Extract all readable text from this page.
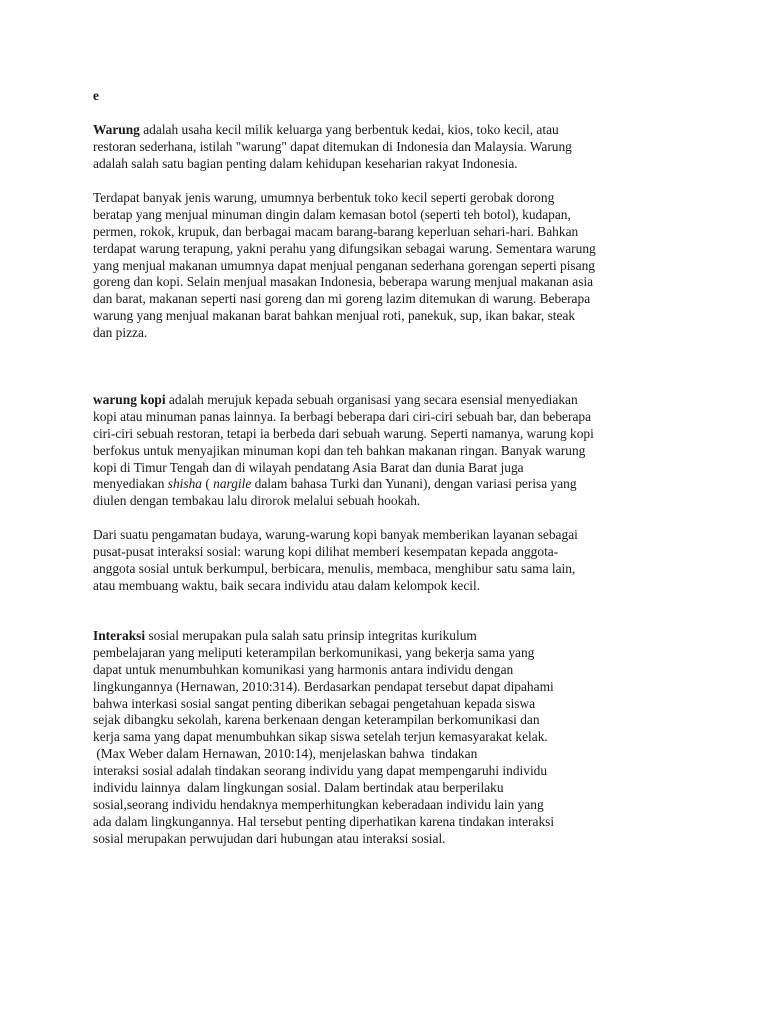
e
Warung adalah usaha kecil milik keluarga yang berbentuk kedai, kios, toko kecil, atau
restoran sederhana, istilah "warung" dapat ditemukan di Indonesia dan Malaysia. Warung
adalah salah satu bagian penting dalam kehidupan keseharian rakyat Indonesia.
Terdapat banyak jenis warung, umumnya berbentuk toko kecil seperti gerobak dorong
beratap yang menjual minuman dingin dalam kemasan botol (seperti teh botol), kudapan,
permen, rokok, krupuk, dan berbagai macam barang-barang keperluan sehari-hari. Bahkan
terdapat warung terapung, yakni perahu yang difungsikan sebagai warung. Sementara warung
yang menjual makanan umumnya dapat menjual penganan sederhana gorengan seperti pisang
goreng dan kopi. Selain menjual masakan Indonesia, beberapa warung menjual makanan asia
dan barat, makanan seperti nasi goreng dan mi goreng lazim ditemukan di warung. Beberapa
warung yang menjual makanan barat bahkan menjual roti, panekuk, sup, ikan bakar, steak
dan pizza.
warung kopi adalah merujuk kepada sebuah organisasi yang secara esensial menyediakan
kopi atau minuman panas lainnya. Ia berbagi beberapa dari ciri-ciri sebuah bar, dan beberapa
ciri-ciri sebuah restoran, tetapi ia berbeda dari sebuah warung. Seperti namanya, warung kopi
berfokus untuk menyajikan minuman kopi dan teh bahkan makanan ringan. Banyak warung
kopi di Timur Tengah dan di wilayah pendatang Asia Barat dan dunia Barat juga
menyediakan shisha ( nargile dalam bahasa Turki dan Yunani), dengan variasi perisa yang
diulen dengan tembakau lalu dirorok melalui sebuah hookah.
Dari suatu pengamatan budaya, warung-warung kopi banyak memberikan layanan sebagai
pusat-pusat interaksi sosial: warung kopi dilihat memberi kesempatan kepada anggota-
anggota sosial untuk berkumpul, berbicara, menulis, membaca, menghibur satu sama lain,
atau membuang waktu, baik secara individu atau dalam kelompok kecil.
Interaksi sosial merupakan pula salah satu prinsip integritas kurikulum
pembelajaran yang meliputi keterampilan berkomunikasi, yang bekerja sama yang
dapat untuk menumbuhkan komunikasi yang harmonis antara individu dengan
lingkungannya (Hernawan, 2010:314). Berdasarkan pendapat tersebut dapat dipahami
bahwa interkasi sosial sangat penting diberikan sebagai pengetahuan kepada siswa
sejak dibangku sekolah, karena berkenaan dengan keterampilan berkomunikasi dan
kerja sama yang dapat menumbuhkan sikap siswa setelah terjun kemasyarakat kelak.
(Max Weber dalam Hernawan, 2010:14), menjelaskan bahwa  tindakan
interaksi sosial adalah tindakan seorang individu yang dapat mempengaruhi individu
individu lainnya  dalam lingkungan sosial. Dalam bertindak atau berperilaku
sosial,seorang individu hendaknya memperhitungkan keberadaan individu lain yang
ada dalam lingkungannya. Hal tersebut penting diperhatikan karena tindakan interaksi
sosial merupakan perwujudan dari hubungan atau interaksi sosial.
